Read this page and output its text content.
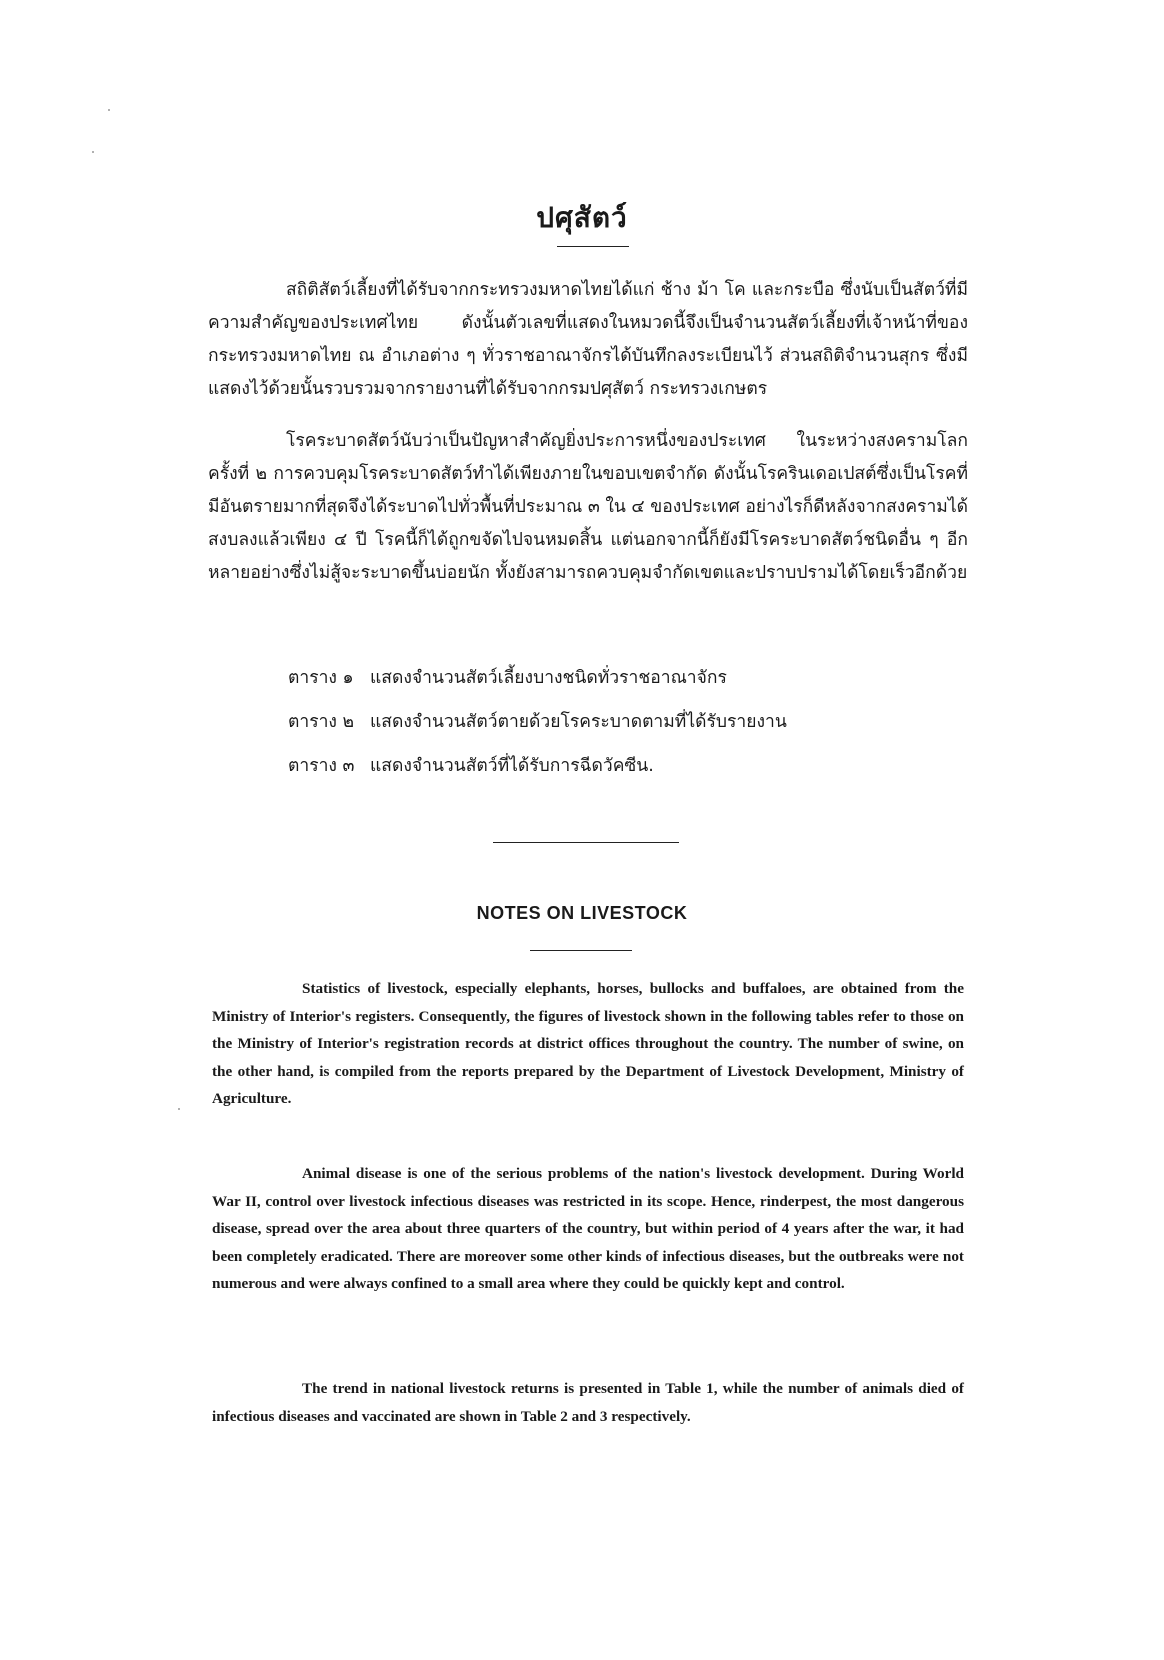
ปศุสัตว์
สถิติสัตว์เลี้ยงที่ได้รับจากกระทรวงมหาดไทยได้แก่ ช้าง ม้า โค และกระบือ ซึ่งนับเป็นสัตว์ที่มีความสำคัญของประเทศไทย ดังนั้นตัวเลขที่แสดงในหมวดนี้จึงเป็นจำนวนสัตว์เลี้ยงที่เจ้าหน้าที่ของกระทรวงมหาดไทย ณ อำเภอต่าง ๆ ทั่วราชอาณาจักรได้บันทึกลงระเบียนไว้ ส่วนสถิติจำนวนสุกร ซึ่งมีแสดงไว้ด้วยนั้นรวบรวมจากรายงานที่ได้รับจากกรมปศุสัตว์ กระทรวงเกษตร
โรคระบาดสัตว์นับว่าเป็นปัญหาสำคัญยิ่งประการหนึ่งของประเทศ ในระหว่างสงครามโลกครั้งที่ ๒ การควบคุมโรคระบาดสัตว์ทำได้เพียงภายในขอบเขตจำกัด ดังนั้นโรครินเดอเปสต์ซึ่งเป็นโรคที่มีอันตรายมากที่สุดจึงได้ระบาดไปทั่วพื้นที่ประมาณ ๓ ใน ๔ ของประเทศ อย่างไรก็ดีหลังจากสงครามได้สงบลงแล้วเพียง ๔ ปี โรคนี้ก็ได้ถูกขจัดไปจนหมดสิ้น แต่นอกจากนี้ก็ยังมีโรคระบาดสัตว์ชนิดอื่น ๆ อีกหลายอย่างซึ่งไม่สู้จะระบาดขึ้นบ่อยนัก ทั้งยังสามารถควบคุมจำกัดเขตและปราบปรามได้โดยเร็วอีกด้วย
ตาราง ๑ แสดงจำนวนสัตว์เลี้ยงบางชนิดทั่วราชอาณาจักร
ตาราง ๒ แสดงจำนวนสัตว์ตายด้วยโรคระบาดตามที่ได้รับรายงาน
ตาราง ๓ แสดงจำนวนสัตว์ที่ได้รับการฉีดวัคซีน.
NOTES ON LIVESTOCK
Statistics of livestock, especially elephants, horses, bullocks and buffaloes, are obtained from the Ministry of Interior's registers. Consequently, the figures of livestock shown in the following tables refer to those on the Ministry of Interior's registration records at district offices throughout the country. The number of swine, on the other hand, is compiled from the reports prepared by the Department of Livestock Development, Ministry of Agriculture.
Animal disease is one of the serious problems of the nation's livestock development. During World War II, control over livestock infectious diseases was restricted in its scope. Hence, rinderpest, the most dangerous disease, spread over the area about three quarters of the country, but within period of 4 years after the war, it had been completely eradicated. There are moreover some other kinds of infectious diseases, but the outbreaks were not numerous and were always confined to a small area where they could be quickly kept and control.
The trend in national livestock returns is presented in Table 1, while the number of animals died of infectious diseases and vaccinated are shown in Table 2 and 3 respectively.
